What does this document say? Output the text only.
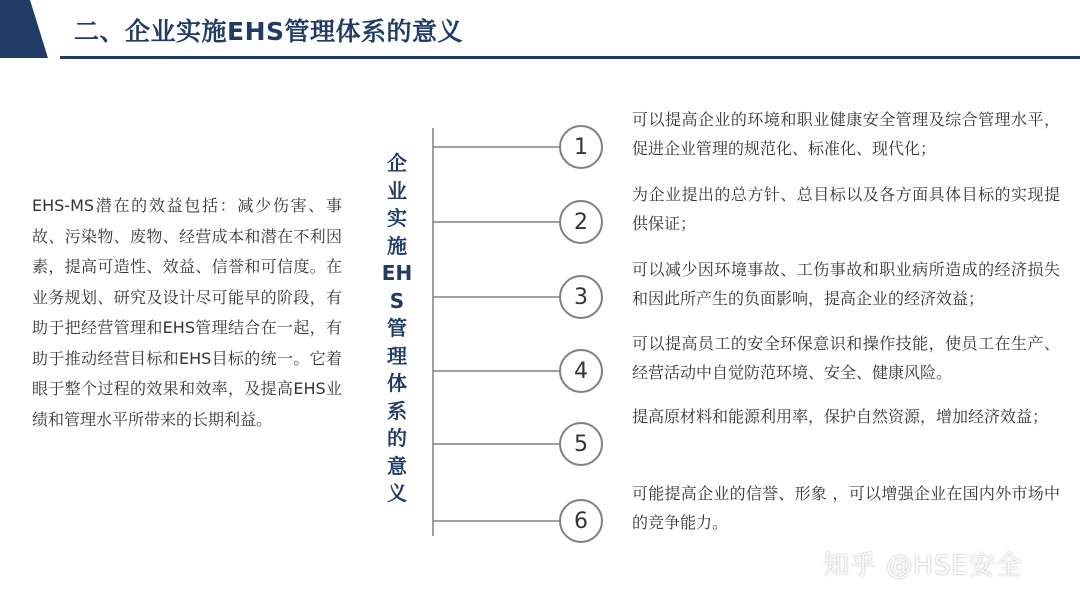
二、企业实施EHS管理体系的意义
EHS-MS潜在的效益包括：减少伤害、事故、污染物、废物、经营成本和潜在不利因素，提高可造性、效益、信誉和可信度。在业务规划、研究及设计尽可能早的阶段，有助于把经营管理和EHS管理结合在一起，有助于推动经营目标和EHS目标的统一。它着眼于整个过程的效果和效率，及提高EHS业绩和管理水平所带来的长期利益。
企业实施EHS管理体系的意义
1
可以提高企业的环境和职业健康安全管理及综合管理水平，促进企业管理的规范化、标准化、现代化；
2
为企业提出的总方针、总目标以及各方面具体目标的实现提供保证；
3
可以减少因环境事故、工伤事故和职业病所造成的经济损失和因此所产生的负面影响，提高企业的经济效益；
4
可以提高员工的安全环保意识和操作技能，使员工在生产、经营活动中自觉防范环境、安全、健康风险。
5
提高原材料和能源利用率，保护自然资源，增加经济效益；
6
可能提高企业的信誉、形象 ，可以增强企业在国内外市场中的竞争能力。
知乎 @HSE安全
